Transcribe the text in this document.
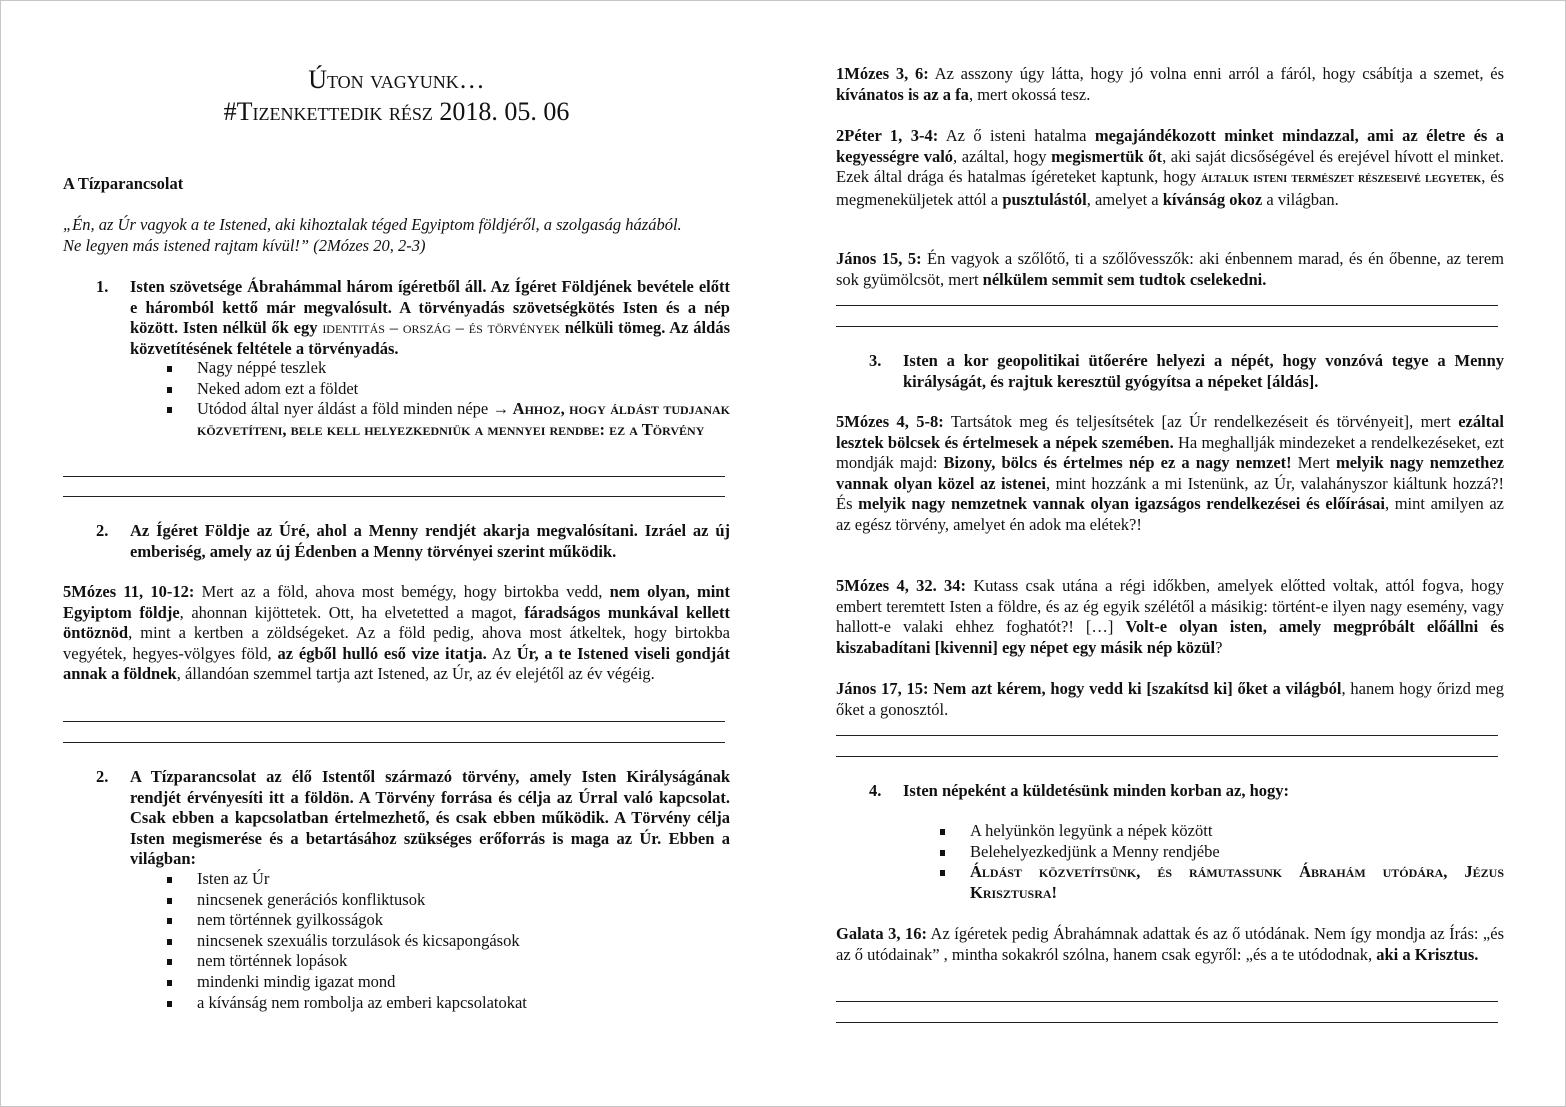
Úton vagyunk…
#Tizenkettedik rész 2018. 05. 06

A Tízparancsolat

„Én, az Úr vagyok a te Istened, aki kihoztalak téged Egyiptom földjéről, a szolgaság házából.
Ne legyen más istened rajtam kívül!” (2Mózes 20, 2-3)
1. Isten szövetsége Ábrahámmal három ígéretből áll. Az Ígéret Földjének bevétele előtt e háromból kettő már megvalósult. A törvényadás szövetségkötés Isten és a nép között. Isten nélkül ők egy identitás – ország – és törvények nélküli tömeg. Az áldás közvetítésének feltétele a törvényadás.

Nagy néppé teszlek
Neked adom ezt a földet
Utódod által nyer áldást a föld minden népe → Ahhoz, hogy áldást tudjanak közvetíteni, bele kell helyezkedniük a mennyei rendbe: ez a Törvény
2. Az Ígéret Földje az Úré, ahol a Menny rendjét akarja megvalósítani. Izráel az új emberiség, amely az új Édenben a Menny törvényei szerint működik.

5Mózes 11, 10-12: Mert az a föld, ahova most bemégy, hogy birtokba vedd, nem olyan, mint Egyiptom földje, ahonnan kijöttetek. Ott, ha elvetetted a magot, fáradságos munkával kellett öntöznöd, mint a kertben a zöldségeket. Az a föld pedig, ahova most átkeltek, hogy birtokba vegyétek, hegyes-völgyes föld, az égből hulló eső vize itatja. Az Úr, a te Istened viseli gondját annak a földnek, állandóan szemmel tartja azt Istened, az Úr, az év elejétől az év végéig.

2. A Tízparancsolat az élő Istentől származó törvény, amely Isten Királyságának rendjét érvényesíti itt a földön. A Törvény forrása és célja az Úrral való kapcsolat. Csak ebben a kapcsolatban értelmezhető, és csak ebben működik. A Törvény célja Isten megismerése és a betartásához szükséges erőforrás is maga az Úr. Ebben a világban:

Isten az Úr
nincsenek generációs konfliktusok
nem történnek gyilkosságok
nincsenek szexuális torzulások és kicsapongások
nem történnek lopások
mindenki mindig igazat mond
a kívánság nem rombolja az emberi kapcsolatokat

1Mózes 3, 6: Az asszony úgy látta, hogy jó volna enni arról a fáról, hogy csábítja a szemet, és kívánatos is az a fa, mert okossá tesz.

2Péter 1, 3-4: Az ő isteni hatalma megajándékozott minket mindazzal, ami az életre és a kegyességre való, azáltal, hogy megismertük őt, aki saját dicsőségével és erejével hívott el minket. Ezek által drága és hatalmas ígéreteket kaptunk, hogy általuk isteni természet részeseivé legyetek, és megmeneküljetek attól a pusztulástól, amelyet a kívánság okoz a világban.

János 15, 5: Én vagyok a szőlőtő, ti a szőlővesszők: aki énbennem marad, és én őbenne, az terem sok gyümölcsöt, mert nélkülem semmit sem tudtok cselekedni.

3. Isten a kor geopolitikai ütőerére helyezi a népét, hogy vonzóvá tegye a Menny királyságát, és rajtuk keresztül gyógyítsa a népeket [áldás].

5Mózes 4, 5-8: Tartsátok meg és teljesítsétek [az Úr rendelkezéseit és törvényeit], mert ezáltal lesztek bölcsek és értelmesek a népek szemében. Ha meghallják mindezeket a rendelkezéseket, ezt mondják majd: Bizony, bölcs és értelmes nép ez a nagy nemzet! Mert melyik nagy nemzethez vannak olyan közel az istenei, mint hozzánk a mi Istenünk, az Úr, valahányszor kiáltunk hozzá?! És melyik nagy nemzetnek vannak olyan igazságos rendelkezései és előírásai, mint amilyen az az egész törvény, amelyet én adok ma elétek?!

5Mózes 4, 32. 34: Kutass csak utána a régi időkben, amelyek előtted voltak, attól fogva, hogy embert teremtett Isten a földre, és az ég egyik szélétől a másikig: történt-e ilyen nagy esemény, vagy hallott-e valaki ehhez foghatót?! […] Volt-e olyan isten, amely megpróbált előállni és kiszabadítani [kivenni] egy népet egy másik nép közül?

János 17, 15: Nem azt kérem, hogy vedd ki [szakítsd ki] őket a világból, hanem hogy őrizd meg őket a gonosztól.

4. Isten népeként a küldetésünk minden korban az, hogy:

A helyünkön legyünk a népek között
Belehelyezkedjünk a Menny rendjébe
Áldást közvetítsünk, és rámutassunk Ábrahám utódára, Jézus Krisztusra!

Galata 3, 16: Az ígéretek pedig Ábrahámnak adattak és az ő utódának. Nem így mondja az Írás: „és az ő utódainak” , mintha sokakról szólna, hanem csak egyről: „és a te utódodnak, aki a Krisztus.
